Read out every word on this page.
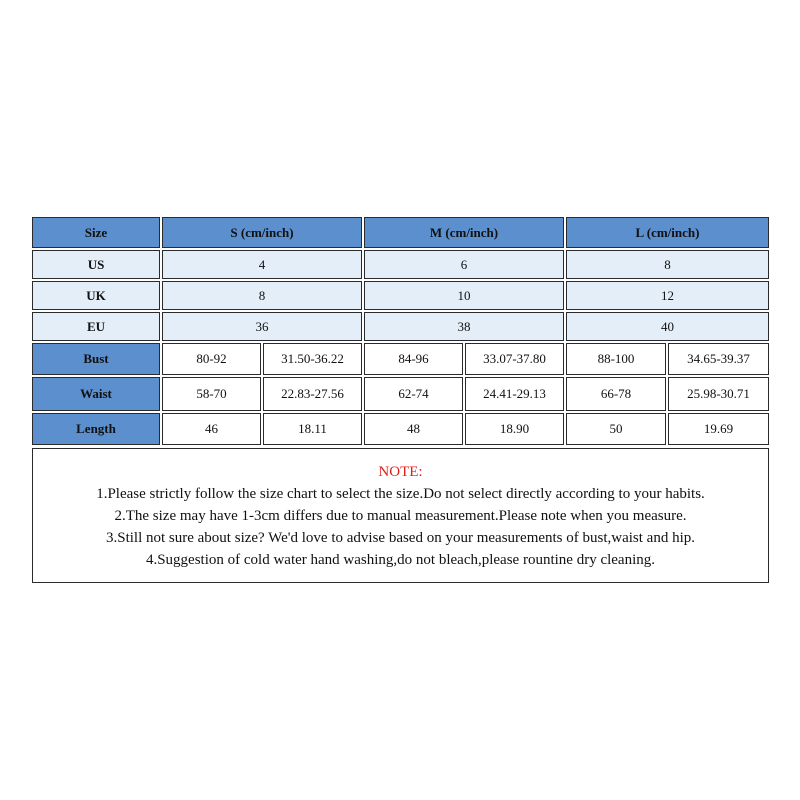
Size	S (cm/inch)	M (cm/inch)	L (cm/inch)
US	4	6	8
UK	8	10	12
EU	36	38	40
Bust	80-92	31.50-36.22	84-96	33.07-37.80	88-100	34.65-39.37
Waist	58-70	22.83-27.56	62-74	24.41-29.13	66-78	25.98-30.71
Length	46	18.11	48	18.90	50	19.69
NOTE:
1.Please strictly follow the size chart to select the size.Do not select directly according to your habits.
2.The size may have 1-3cm differs due to manual measurement.Please note when you measure.
3.Still not sure about size? We'd love to advise based on your measurements of bust,waist and hip.
4.Suggestion of cold water hand washing,do not bleach,please rountine dry cleaning.
